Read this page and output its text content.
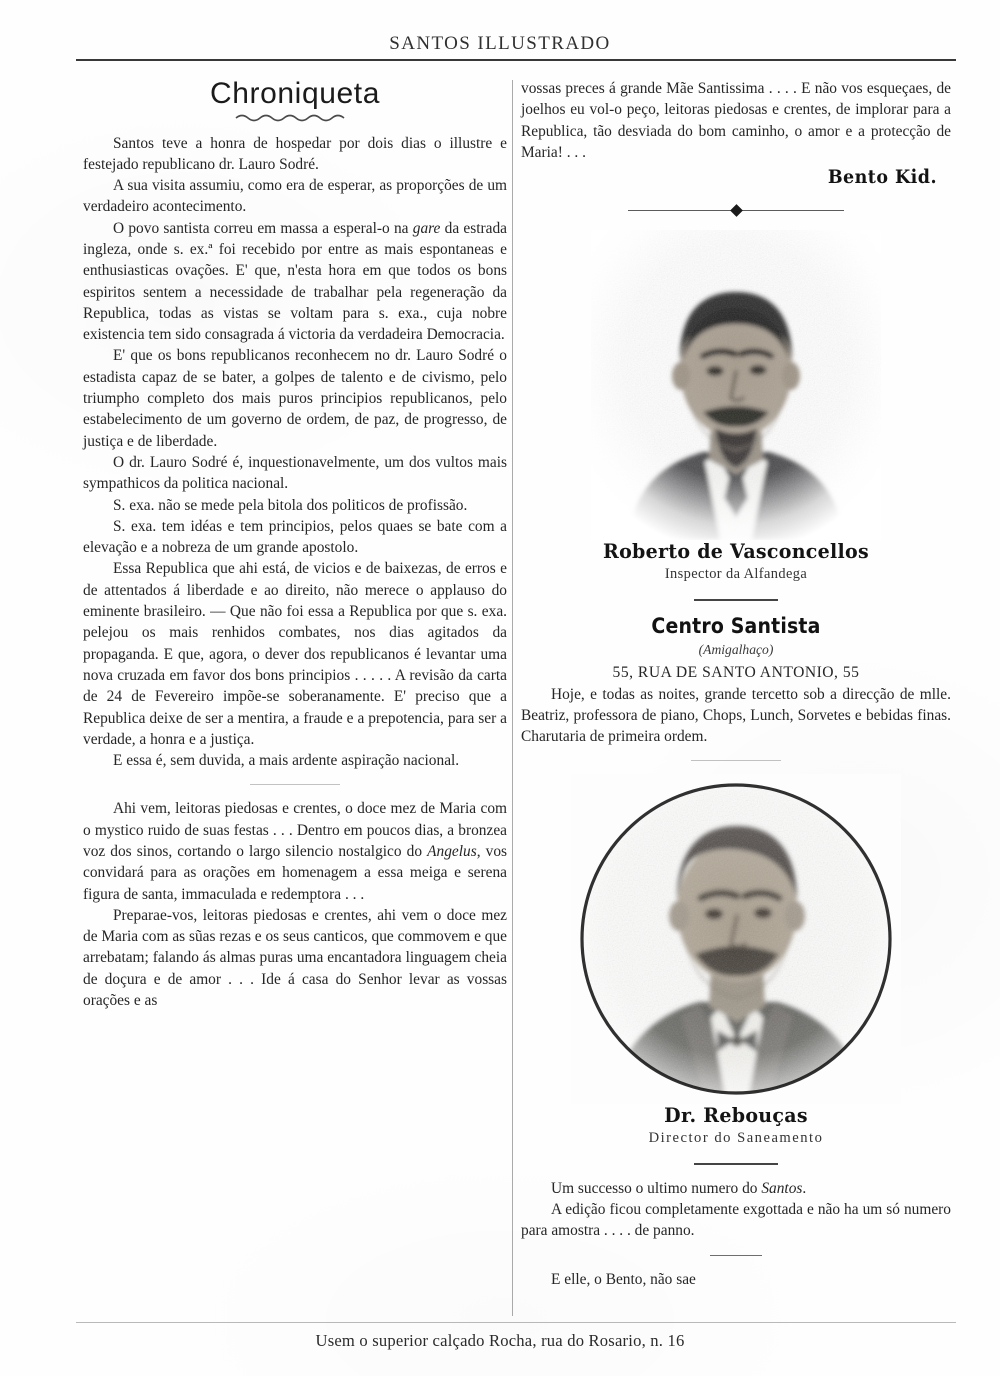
SANTOS ILLUSTRADO
Chroniqueta

Santos teve a honra de hospedar por dois dias o illustre e festejado republicano dr. Lauro Sodré.

A sua visita assumiu, como era de esperar, as proporções de um verdadeiro acontecimento.

O povo santista correu em massa a esperal-o na gare da estrada ingleza, onde s. ex.ª foi recebido por entre as mais espontaneas e enthusiasticas ovações. E' que, n'esta hora em que todos os bons espiritos sentem a necessidade de trabalhar pela regeneração da Republica, todas as vistas se voltam para s. exa., cuja nobre existencia tem sido consagrada á victoria da verdadeira Democracia.

E' que os bons republicanos reconhecem no dr. Lauro Sodré o estadista capaz de se bater, a golpes de talento e de civismo, pelo triumpho completo dos mais puros principios republicanos, pelo estabelecimento de um governo de ordem, de paz, de progresso, de justiça e de liberdade.

O dr. Lauro Sodré é, inquestionavelmente, um dos vultos mais sympathicos da politica nacional.

S. exa. não se mede pela bitola dos politicos de profissão.

S. exa. tem idéas e tem principios, pelos quaes se bate com a elevação e a nobreza de um grande apostolo.

Essa Republica que ahi está, de vicios e de baixezas, de erros e de attentados á liberdade e ao direito, não merece o applauso do eminente brasileiro. — Que não foi essa a Republica por que s. exa. pelejou os mais renhidos combates, nos dias agitados da propaganda. E que, agora, o dever dos republicanos é levantar uma nova cruzada em favor dos bons principios . . . . . A revisão da carta de 24 de Fevereiro impõe-se soberanamente. E' preciso que a Republica deixe de ser a mentira, a fraude e a prepotencia, para ser a verdade, a honra e a justiça.

E essa é, sem duvida, a mais ardente aspiração nacional.

Ahi vem, leitoras piedosas e crentes, o doce mez de Maria com o mystico ruido de suas festas . . . Dentro em poucos dias, a bronzea voz dos sinos, cortando o largo silencio nostalgico do Angelus, vos convidará para as orações em homenagem a essa meiga e serena figura de santa, immaculada e redemptora . . .

Preparae-vos, leitoras piedosas e crentes, ahi vem o doce mez de Maria com as sũas rezas e os seus canticos, que commovem e que arrebatam; falando ás almas puras uma encantadora linguagem cheia de doçura e de amor . . . Ide á casa do Senhor levar as vossas orações e as

vossas preces á grande Mãe Santissima . . . . E não vos esqueçaes, de joelhos eu vol-o peço, leitoras piedosas e crentes, de implorar para a Republica, tão desviada do bom caminho, o amor e a protecção de Maria! . . .

Bento Kid.
Roberto de Vasconcellos
Inspector da Alfandega
Centro Santista
(Amigalhaço)
55, RUA DE SANTO ANTONIO, 55

Hoje, e todas as noites, grande tercetto sob a direcção de mlle. Beatriz, professora de piano, Chops, Lunch, Sorvetes e bebidas finas. Charutaria de primeira ordem.

Dr. Rebouças
Director do Saneamento

Um successo o ultimo numero do Santos.

A edição ficou completamente exgottada e não ha um só numero para amostra . . . . de panno.

E elle, o Bento, não sae

Usem o superior calçado Rocha, rua do Rosario, n. 16
